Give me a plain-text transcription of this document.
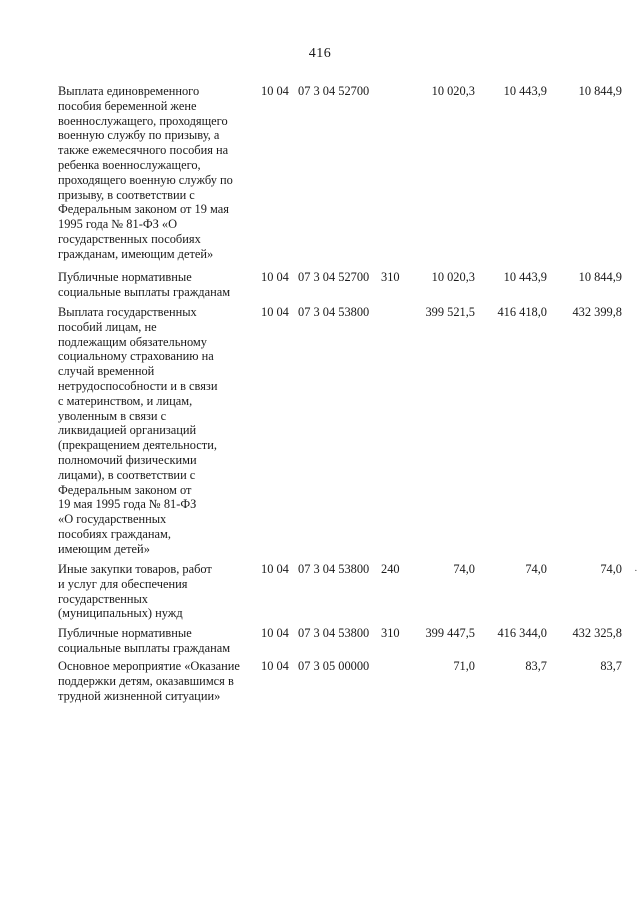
416
Выплата единовременного
пособия беременной жене
военнослужащего, проходящего
военную службу по призыву, а
также ежемесячного пособия на
ребенка военнослужащего,
проходящего военную службу по
призыву, в соответствии с
Федеральным законом от 19 мая
1995 года № 81-ФЗ «О
государственных пособиях
гражданам, имеющим детей»
10 04 07 3 04 52700	10 020,3	10 443,9	10 844,9
Публичные нормативные
социальные выплаты гражданам
10 04 07 3 04 52700 310	10 020,3	10 443,9	10 844,9
Выплата государственных
пособий лицам, не
подлежащим обязательному
социальному страхованию на
случай временной
нетрудоспособности и в связи
с материнством, и лицам,
уволенным в связи с
ликвидацией организаций
(прекращением деятельности,
полномочий физическими
лицами), в соответствии с
Федеральным законом от
19 мая 1995 года № 81-ФЗ
«О государственных
пособиях гражданам,
имеющим детей»
10 04 07 3 04 53800	399 521,5	416 418,0	432 399,8
Иные закупки товаров, работ
и услуг для обеспечения
государственных
(муниципальных) нужд
10 04 07 3 04 53800 240	74,0	74,0	74,0
Публичные нормативные
социальные выплаты гражданам
10 04 07 3 04 53800 310	399 447,5	416 344,0	432 325,8
Основное мероприятие «Оказание
поддержки детям, оказавшимся в
трудной жизненной ситуации»
10 04 07 3 05 00000	71,0	83,7	83,7
·
